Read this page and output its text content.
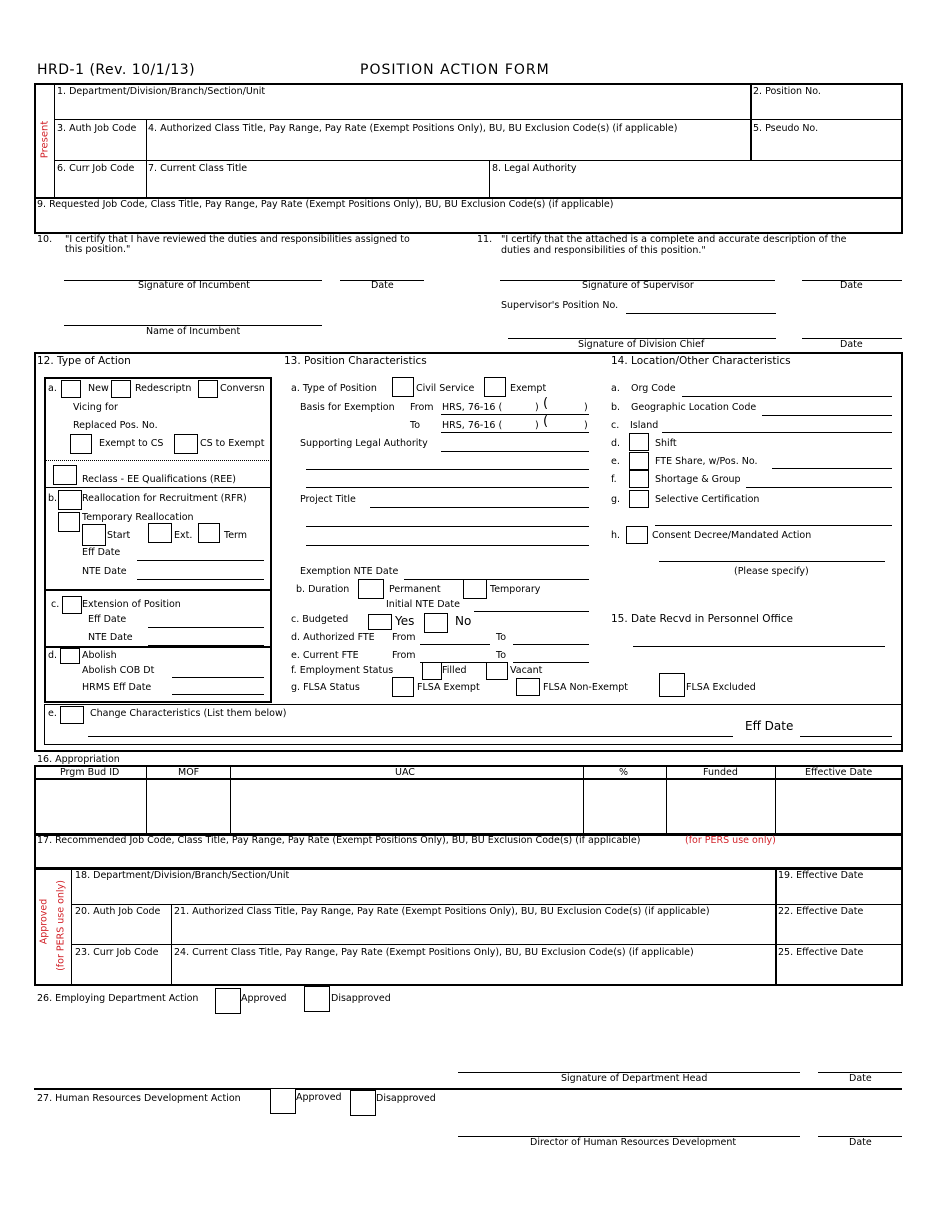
HRD-1 (Rev. 10/1/13)	POSITION ACTION FORM
Present
1. Department/Division/Branch/Section/Unit	2. Position No.
3. Auth Job Code 4. Authorized Class Title, Pay Range, Pay Rate (Exempt Positions Only), BU, BU Exclusion Code(s) (if applicable)	5. Pseudo No.
6. Curr Job Code 7. Current Class Title	8. Legal Authority
9. Requested Job Code, Class Title, Pay Range, Pay Rate (Exempt Positions Only), BU, BU Exclusion Code(s) (if applicable)
10. "I certify that I have reviewed the duties and responsibilities assigned to
this position."
11. "I certify that the attached is a complete and accurate description of the
duties and responsibilities of this position."
Signature of Incumbent	Date
Name of Incumbent
Signature of Supervisor	Date
Supervisor's Position No.
Signature of Division Chief	Date
12. Type of Action	13. Position Characteristics	14. Location/Other Characteristics
a.	New	Redescriptn	Conversn
Vicing for
Replaced Pos. No.
Exempt to CS	CS to Exempt
Reclass - EE Qualifications (REE)
b.	Reallocation for Recruitment (RFR)
Temporary Reallocation
Start	Ext.	Term
Eff Date
NTE Date
c. Extension of Position
Eff Date
NTE Date
d.	Abolish
Abolish COB Dt
HRMS Eff Date
e.	Change Characteristics (List them below)
Eff Date
a. Type of Position	Civil Service	Exempt
Basis for Exemption From HRS, 76-16 (	) (	)
To HRS, 76-16 (	) (	)
Supporting Legal Authority
Project Title
Exemption NTE Date
b. Duration	Permanent	Temporary
Initial NTE Date
c. Budgeted	Yes	No
d. Authorized FTE From	To
e. Current FTE	From	To
f. Employment Status	Filled	Vacant
g. FLSA Status	FLSA Exempt	FLSA Non-Exempt	FLSA Excluded
a. Org Code
b. Geographic Location Code
c. Island
d.	Shift
e.	FTE Share, w/Pos. No.
f.	Shortage & Group
g.	Selective Certification
h.	Consent Decree/Mandated Action
(Please specify)
15. Date Recvd in Personnel Office
16. Appropriation
Prgm Bud ID	MOF	UAC	%	Funded	Effective Date
17. Recommended Job Code, Class Title, Pay Range, Pay Rate (Exempt Positions Only), BU, BU Exclusion Code(s) (if applicable)	(for PERS use only)
Approved (for PERS use only)
18. Department/Division/Branch/Section/Unit	19. Effective Date
20. Auth Job Code 21. Authorized Class Title, Pay Range, Pay Rate (Exempt Positions Only), BU, BU Exclusion Code(s) (if applicable)	22. Effective Date
23. Curr Job Code 24. Current Class Title, Pay Range, Pay Rate (Exempt Positions Only), BU, BU Exclusion Code(s) (if applicable)	25. Effective Date
26. Employing Department Action	Approved	Disapproved
Signature of Department Head	Date
27. Human Resources Development Action	Approved	Disapproved
Director of Human Resources Development	Date
